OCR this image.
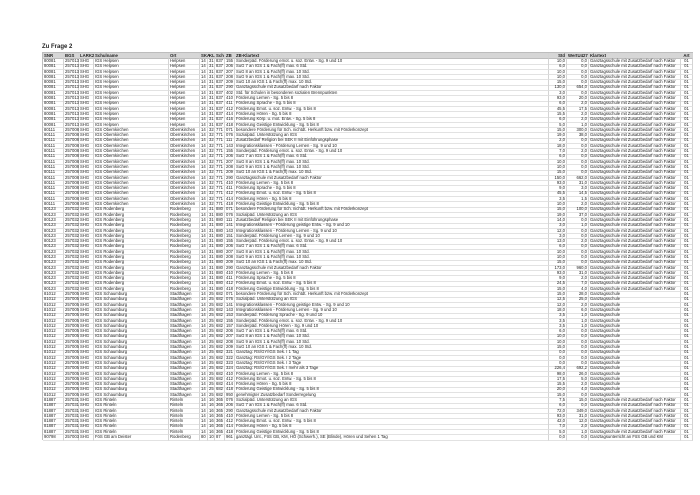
Zu Frage 2
SNR	BGS	LARK2 Schulname	Ort	SKA
KL Sch ZB ZB-Klartext	Std WertU427 Klartext	Art
80081	257013 SHG	IGS Helpsen	Helpsen	14 31 837 155 Sonderpäd. Förderung emot. u. soz. Entw. - Sg. 9 und 10	10,0	0,0 Ganztagsschule mit Zusatzbedarf nach Faktor	01
80081	257013 SHG	IGS Helpsen	Helpsen	14 31 837 206 SuG 7 an IGS 1 & Fach(ff) max. 6 Std.	6,0	0,0 Ganztagsschule mit Zusatzbedarf nach Faktor	01
80081	257013 SHG	IGS Helpsen	Helpsen	14 31 837 207 SuG 8 an IGS 1 & Fach(ff) max. 10 Std.	10,0	0,0 Ganztagsschule mit Zusatzbedarf nach Faktor	01
80081	257013 SHG	IGS Helpsen	Helpsen	14 31 837 208 SuG 9 an IGS 1 & Fach(ff) max. 10 Std.	10,0	0,0 Ganztagsschule mit Zusatzbedarf nach Faktor	01
80081	257013 SHG	IGS Helpsen	Helpsen	14 31 837 209 SuG 10 an IGS 1 & Fach(ff) max. 10 Std.	15,0	0,0 Ganztagsschule mit Zusatzbedarf nach Faktor	01
80081	257013 SHG	IGS Helpsen	Helpsen	14 31 837 290 Ganztagsschule mit Zusatzbedarf nach Faktor	130,0	654,0 Ganztagsschule mit Zusatzbedarf nach Faktor	01
80081	257013 SHG	IGS Helpsen	Helpsen	14 31 837 402 Std. für Schulen in besonderen sozialen Brennpunkten	3,0	0,0 Ganztagsschule mit Zusatzbedarf nach Faktor	01
80081	257013 SHG	IGS Helpsen	Helpsen	14 31 837 410 Förderung Lernen - Sg. 5 bis 8	93,0	20,0 Ganztagsschule mit Zusatzbedarf nach Faktor	01
80081	257013 SHG	IGS Helpsen	Helpsen	14 31 837 411 Förderung Sprache - Sg. 5 bis 8	6,0	2,0 Ganztagsschule mit Zusatzbedarf nach Faktor	01
80081	257013 SHG	IGS Helpsen	Helpsen	14 31 837 412 Förderung Emot. u. soz. Entw. - Sg. 5 bis 8	45,5	17,5 Ganztagsschule mit Zusatzbedarf nach Faktor	01
80081	257013 SHG	IGS Helpsen	Helpsen	14 31 837 414 Förderung Hören - Sg. 5 bis 8	15,5	2,0 Ganztagsschule mit Zusatzbedarf nach Faktor	01
80081	257013 SHG	IGS Helpsen	Helpsen	14 31 837 416 Förderung Körp. u. mot. Entw. - Sg. 5 bis 8	6,0	2,0 Ganztagsschule mit Zusatzbedarf nach Faktor	01
80081	257013 SHG	IGS Helpsen	Helpsen	14 31 837 418 Förderung Geistige Entwicklung - Sg. 5 bis 8	5,0	1,0 Ganztagsschule mit Zusatzbedarf nach Faktor	01
80111	257008 SHG	IGS Obernkirchen	Obernkirchen	14 32 771 071 besondere Förderung für Sch. nichtdt. Herkunft bzw. mit Förderkonzept	15,0	300,0 Ganztagsschule mit Zusatzbedarf nach Faktor	01
80111	257008 SHG	IGS Obernkirchen	Obernkirchen	14 32 771 076 Sozialpäd. Unterstützung an IGS	19,0	38,0 Ganztagsschule mit Zusatzbedarf nach Faktor	01
80111	257008 SHG	IGS Obernkirchen	Obernkirchen	14 32 771 111 Zusatzbedarf Religion bei SEK II mit Einführungsphase	2,0	0,0 Ganztagsschule mit Zusatzbedarf nach Faktor	01
80111	257008 SHG	IGS Obernkirchen	Obernkirchen	14 32 771 143 Integrationsklassen - Förderung Lernen - Sg. 9 und 10	18,0	0,0 Ganztagsschule mit Zusatzbedarf nach Faktor	01
80111	257008 SHG	IGS Obernkirchen	Obernkirchen	14 32 771 155 Sonderpäd. Förderung emot. u. soz. Entw. - Sg. 9 und 10	7,0	2,0 Ganztagsschule mit Zusatzbedarf nach Faktor	01
80111	257008 SHG	IGS Obernkirchen	Obernkirchen	14 32 771 206 SuG 7 an IGS 1 & Fach(ff) max. 6 Std.	6,0	0,0 Ganztagsschule mit Zusatzbedarf nach Faktor	01
80111	257008 SHG	IGS Obernkirchen	Obernkirchen	14 32 771 207 SuG 8 an IGS 1 & Fach(ff) max. 10 Std.	10,0	0,0 Ganztagsschule mit Zusatzbedarf nach Faktor	01
80111	257008 SHG	IGS Obernkirchen	Obernkirchen	14 32 771 208 SuG 9 an IGS 1 & Fach(ff) max. 10 Std.	10,0	0,0 Ganztagsschule mit Zusatzbedarf nach Faktor	01
80111	257008 SHG	IGS Obernkirchen	Obernkirchen	14 32 771 209 SuG 10 an IGS 1 & Fach(ff) max. 10 Std.	15,0	0,0 Ganztagsschule mit Zusatzbedarf nach Faktor	01
80111	257008 SHG	IGS Obernkirchen	Obernkirchen	14 32 771 290 Ganztagsschule mit Zusatzbedarf nach Faktor	150,0	662,0 Ganztagsschule mit Zusatzbedarf nach Faktor	01
80111	257008 SHG	IGS Obernkirchen	Obernkirchen	14 32 771 410 Förderung Lernen - Sg. 5 bis 8	93,0	31,0 Ganztagsschule mit Zusatzbedarf nach Faktor	01
80111	257008 SHG	IGS Obernkirchen	Obernkirchen	14 32 771 411 Förderung Sprache - Sg. 5 bis 8	9,0	3,0 Ganztagsschule mit Zusatzbedarf nach Faktor	01
80111	257008 SHG	IGS Obernkirchen	Obernkirchen	14 32 771 412 Förderung Emot. u. soz. Entw. - Sg. 5 bis 8	45,5	14,5 Ganztagsschule mit Zusatzbedarf nach Faktor	01
80111	257008 SHG	IGS Obernkirchen	Obernkirchen	14 32 771 414 Förderung Hören - Sg. 5 bis 8	3,5	1,5 Ganztagsschule mit Zusatzbedarf nach Faktor	01
80111	257008 SHG	IGS Obernkirchen	Obernkirchen	14 32 771 418 Förderung Geistige Entwicklung - Sg. 5 bis 8	10,0	2,0 Ganztagsschule mit Zusatzbedarf nach Faktor	01
80123	257032 SHG	IGS Rodenberg	Rodenberg	14 31 880 071 besondere Förderung für Sch. nichtdt. Herkunft bzw. mit Förderkonzept	15,0	100,0 Ganztagsschule mit Zusatzbedarf nach Faktor	01
80123	257032 SHG	IGS Rodenberg	Rodenberg	14 31 880 076 Sozialpäd. Unterstützung an IGS	19,0	37,0 Ganztagsschule mit Zusatzbedarf nach Faktor	01
80123	257032 SHG	IGS Rodenberg	Rodenberg	14 31 880 111 Zusatzbedarf Religion bei SEK II mit Einführungsphase	14,0	0,0 Ganztagsschule mit Zusatzbedarf nach Faktor	01
80123	257032 SHG	IGS Rodenberg	Rodenberg	14 31 880 141 Integrationsklassen - Förderung geistige Entw. - Sg. 9 und 10	3,0	1,0 Ganztagsschule mit Zusatzbedarf nach Faktor	01
80123	257032 SHG	IGS Rodenberg	Rodenberg	14 31 880 143 Integrationsklassen - Förderung Lernen - Sg. 9 und 10	12,0	0,0 Ganztagsschule mit Zusatzbedarf nach Faktor	01
80123	257032 SHG	IGS Rodenberg	Rodenberg	14 31 880 151 Sonderpäd. Förderung Lernen - Sg. 9 und 10	3,0	0,0 Ganztagsschule mit Zusatzbedarf nach Faktor	01
80123	257032 SHG	IGS Rodenberg	Rodenberg	14 31 880 155 Sonderpäd. Förderung emot. u. soz. Entw. - Sg. 9 und 10	13,0	2,0 Ganztagsschule mit Zusatzbedarf nach Faktor	01
80123	257032 SHG	IGS Rodenberg	Rodenberg	14 31 880 206 SuG 7 an IGS 1 & Fach(ff) max. 6 Std.	6,0	0,0 Ganztagsschule mit Zusatzbedarf nach Faktor	01
80123	257032 SHG	IGS Rodenberg	Rodenberg	14 31 880 207 SuG 8 an IGS 1 & Fach(ff) max. 10 Std.	10,0	0,0 Ganztagsschule mit Zusatzbedarf nach Faktor	01
80123	257032 SHG	IGS Rodenberg	Rodenberg	14 31 880 208 SuG 9 an IGS 1 & Fach(ff) max. 10 Std.	10,0	0,0 Ganztagsschule mit Zusatzbedarf nach Faktor	01
80123	257032 SHG	IGS Rodenberg	Rodenberg	14 31 880 209 SuG 10 an IGS 1 & Fach(ff) max. 10 Std.	15,0	0,0 Ganztagsschule mit Zusatzbedarf nach Faktor	01
80123	257032 SHG	IGS Rodenberg	Rodenberg	14 31 880 290 Ganztagsschule mit Zusatzbedarf nach Faktor	173,0	960,0 Ganztagsschule mit Zusatzbedarf nach Faktor	01
80123	257032 SHG	IGS Rodenberg	Rodenberg	14 31 880 410 Förderung Lernen - Sg. 5 bis 8	93,0	31,0 Ganztagsschule mit Zusatzbedarf nach Faktor	01
80123	257032 SHG	IGS Rodenberg	Rodenberg	14 31 880 411 Förderung Sprache - Sg. 5 bis 8	9,0	2,0 Ganztagsschule mit Zusatzbedarf nach Faktor	01
80123	257032 SHG	IGS Rodenberg	Rodenberg	14 31 880 412 Förderung Emot. u. soz. Entw. - Sg. 5 bis 8	24,5	7,0 Ganztagsschule mit Zusatzbedarf nach Faktor	01
80123	257032 SHG	IGS Rodenberg	Rodenberg	14 31 880 418 Förderung Geistige Entwicklung - Sg. 5 bis 8	15,0	4,0 Ganztagsschule mit Zusatzbedarf nach Faktor	01
81012	257005 SHG	IGS Schaumburg	Stadthagen	14 25 682 071 besondere Förderung für Sch. nichtdt. Herkunft bzw. mit Förderkonzept	15,0	28,0 Ganztagsschule	01
81012	257005 SHG	IGS Schaumburg	Stadthagen	14 25 682 076 Sozialpäd. Unterstützung an IGS	12,5	25,0 Ganztagsschule	01
81012	257005 SHG	IGS Schaumburg	Stadthagen	14 25 682 141 Integrationsklassen - Förderung geistige Entw. - Sg. 9 und 10	12,0	2,0 Ganztagsschule	01
81012	257005 SHG	IGS Schaumburg	Stadthagen	14 25 682 143 Integrationsklassen - Förderung Lernen - Sg. 9 und 10	18,0	6,0 Ganztagsschule	01
81012	257005 SHG	IGS Schaumburg	Stadthagen	14 25 682 153 Sonderpäd. Förderung Sprache - Sg. 9 und 10	3,5	1,0 Ganztagsschule	01
81012	257005 SHG	IGS Schaumburg	Stadthagen	14 25 682 155 Sonderpäd. Förderung emot. u. soz. Entw. - Sg. 9 und 10	3,5	1,0 Ganztagsschule	01
81012	257005 SHG	IGS Schaumburg	Stadthagen	14 25 682 157 Sonderpäd. Förderung Hören - Sg. 9 und 10	3,5	1,0 Ganztagsschule	01
81012	257005 SHG	IGS Schaumburg	Stadthagen	14 25 682 206 SuG 7 an IGS 1 & Fach(ff) max. 6 Std.	6,0	0,0 Ganztagsschule	01
81012	257005 SHG	IGS Schaumburg	Stadthagen	14 25 682 207 SuG 8 an IGS 1 & Fach(ff) max. 10 Std.	10,0	0,0 Ganztagsschule	01
81012	257005 SHG	IGS Schaumburg	Stadthagen	14 25 682 208 SuG 9 an IGS 1 & Fach(ff) max. 10 Std.	10,0	0,0 Ganztagsschule	01
81012	257005 SHG	IGS Schaumburg	Stadthagen	14 25 682 209 SuG 10 an IGS 1 & Fach(ff) max. 10 Std.	15,0	0,0 Ganztagsschule	01
81012	257005 SHG	IGS Schaumburg	Stadthagen	14 25 682 321 Ganztag: RS/GY/IGS Sek. I 1 Tag	0,0	0,0 Ganztagsschule	01
81012	257005 SHG	IGS Schaumburg	Stadthagen	14 25 682 322 Ganztag: RS/GY/IGS Sek. I 2 Tage	0,0	0,0 Ganztagsschule	01
81012	257005 SHG	IGS Schaumburg	Stadthagen	14 25 682 323 Ganztag: RS/GY/IGS Sek. I 3 Tage	0,0	0,0 Ganztagsschule	01
81012	257005 SHG	IGS Schaumburg	Stadthagen	14 25 682 324 Ganztag: RS/GY/IGS Sek. I mehr als 3 Tage	226,4	692,2 Ganztagsschule	01
81012	257005 SHG	IGS Schaumburg	Stadthagen	14 25 682 410 Förderung Lernen - Sg. 5 bis 8	98,0	26,0 Ganztagsschule	01
81012	257005 SHG	IGS Schaumburg	Stadthagen	14 25 682 412 Förderung Emot. u. soz. Entw. - Sg. 5 bis 8	17,5	5,0 Ganztagsschule	01
81012	257005 SHG	IGS Schaumburg	Stadthagen	14 25 682 414 Förderung Hören - Sg. 5 bis 8	15,5	2,0 Ganztagsschule	01
81012	257005 SHG	IGS Schaumburg	Stadthagen	14 25 682 418 Förderung Geistige Entwicklung - Sg. 5 bis 8	20,0	4,0 Ganztagsschule	01
81012	257005 SHG	IGS Schaumburg	Stadthagen	14 25 682 950 genehmigter Zusatzbedarf Sonderregelung	15,0	0,0 Ganztagsschule	01
81887	257031 SHG	IGS Rinteln	Rinteln	14 16 365 076 Sozialpäd. Unterstützung an IGS	7,5	15,0 Ganztagsschule mit Zusatzbedarf nach Faktor	01
81887	257031 SHG	IGS Rinteln	Rinteln	14 16 365 206 SuG 7 an IGS 1 & Fach(ff) max. 6 Std.	6,0	0,0 Ganztagsschule mit Zusatzbedarf nach Faktor	01
81887	257031 SHG	IGS Rinteln	Rinteln	14 16 365 290 Ganztagsschule mit Zusatzbedarf nach Faktor	72,0	349,0 Ganztagsschule mit Zusatzbedarf nach Faktor	01
81887	257031 SHG	IGS Rinteln	Rinteln	14 16 365 410 Förderung Lernen - Sg. 5 bis 8	93,0	31,0 Ganztagsschule mit Zusatzbedarf nach Faktor	01
81887	257031 SHG	IGS Rinteln	Rinteln	14 16 365 412 Förderung Emot. u. soz. Entw. - Sg. 5 bis 8	42,0	12,0 Ganztagsschule mit Zusatzbedarf nach Faktor	01
81887	257031 SHG	IGS Rinteln	Rinteln	14 16 365 414 Förderung Hören - Sg. 5 bis 8	7,0	2,0 Ganztagsschule mit Zusatzbedarf nach Faktor	01
81887	257031 SHG	IGS Rinteln	Rinteln	14 16 365 418 Förderung Geistige Entwicklung - Sg. 5 bis 8	5,0	1,0 Ganztagsschule mit Zusatzbedarf nach Faktor	01
90798	257003 SHG	FöS GB am Deister	Rodenberg	80 10 87	961 ganztägl. Unt., FöS GB, KM, HÖ (Schwerh.), SE (Blinde), Hören und Sehen 1 Tag	0,0	0,0 Ganztagsunterricht an FöS GB und KM	01
